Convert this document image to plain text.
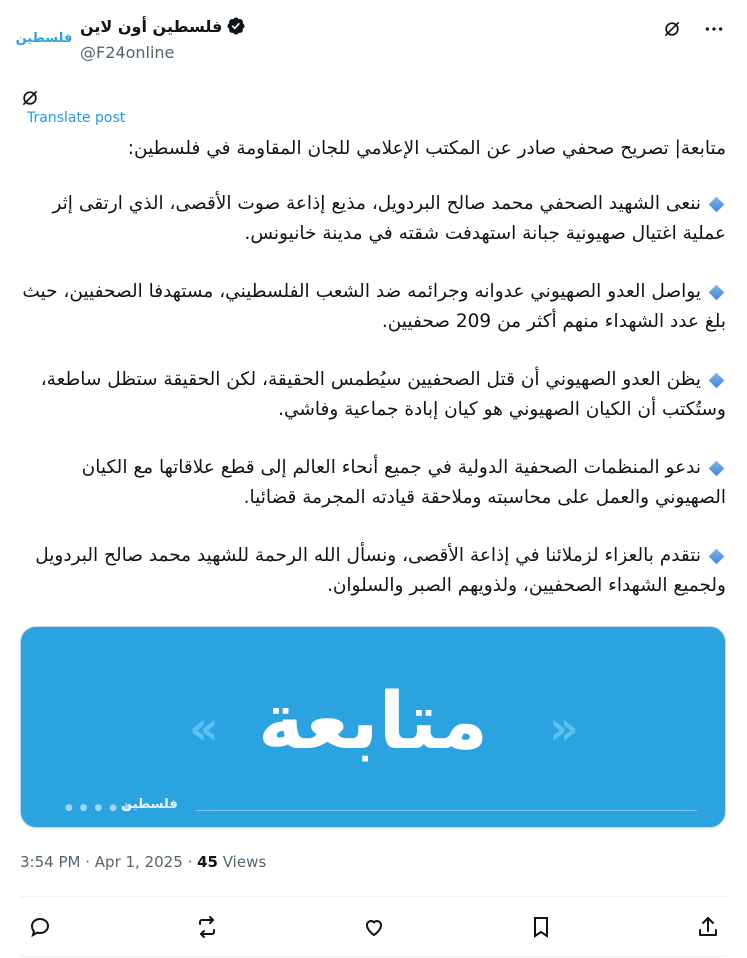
فلسطين
فلسطين أون لاين
@F24online
Translate post

متابعة| تصريح صحفي صادر عن المكتب الإعلامي للجان المقاومة في فلسطين:

ننعى الشهيد الصحفي محمد صالح البردويل، مذيع إذاعة صوت الأقصى، الذي ارتقى إثر عملية اغتيال صهيونية جبانة استهدفت شقته في مدينة خانيونس.

يواصل العدو الصهيوني عدوانه وجرائمه ضد الشعب الفلسطيني، مستهدفا الصحفيين، حيث بلغ عدد الشهداء منهم أكثر من 209 صحفيين.

يظن العدو الصهيوني أن قتل الصحفيين سيُطمس الحقيقة، لكن الحقيقة ستظل ساطعة، وستُكتب أن الكيان الصهيوني هو كيان إبادة جماعية وفاشي.

ندعو المنظمات الصحفية الدولية في جميع أنحاء العالم إلى قطع علاقاتها مع الكيان الصهيوني والعمل على محاسبته وملاحقة قيادته المجرمة قضائيا.

نتقدم بالعزاء لزملائنا في إذاعة الأقصى، ونسأل الله الرحمة للشهيد محمد صالح البردويل ولجميع الشهداء الصحفيين، ولذويهم الصبر والسلوان.

« متابعة	»
● ● ● ● ●
فلسطين
3:54 PM · Apr 1, 2025 · 45 Views
